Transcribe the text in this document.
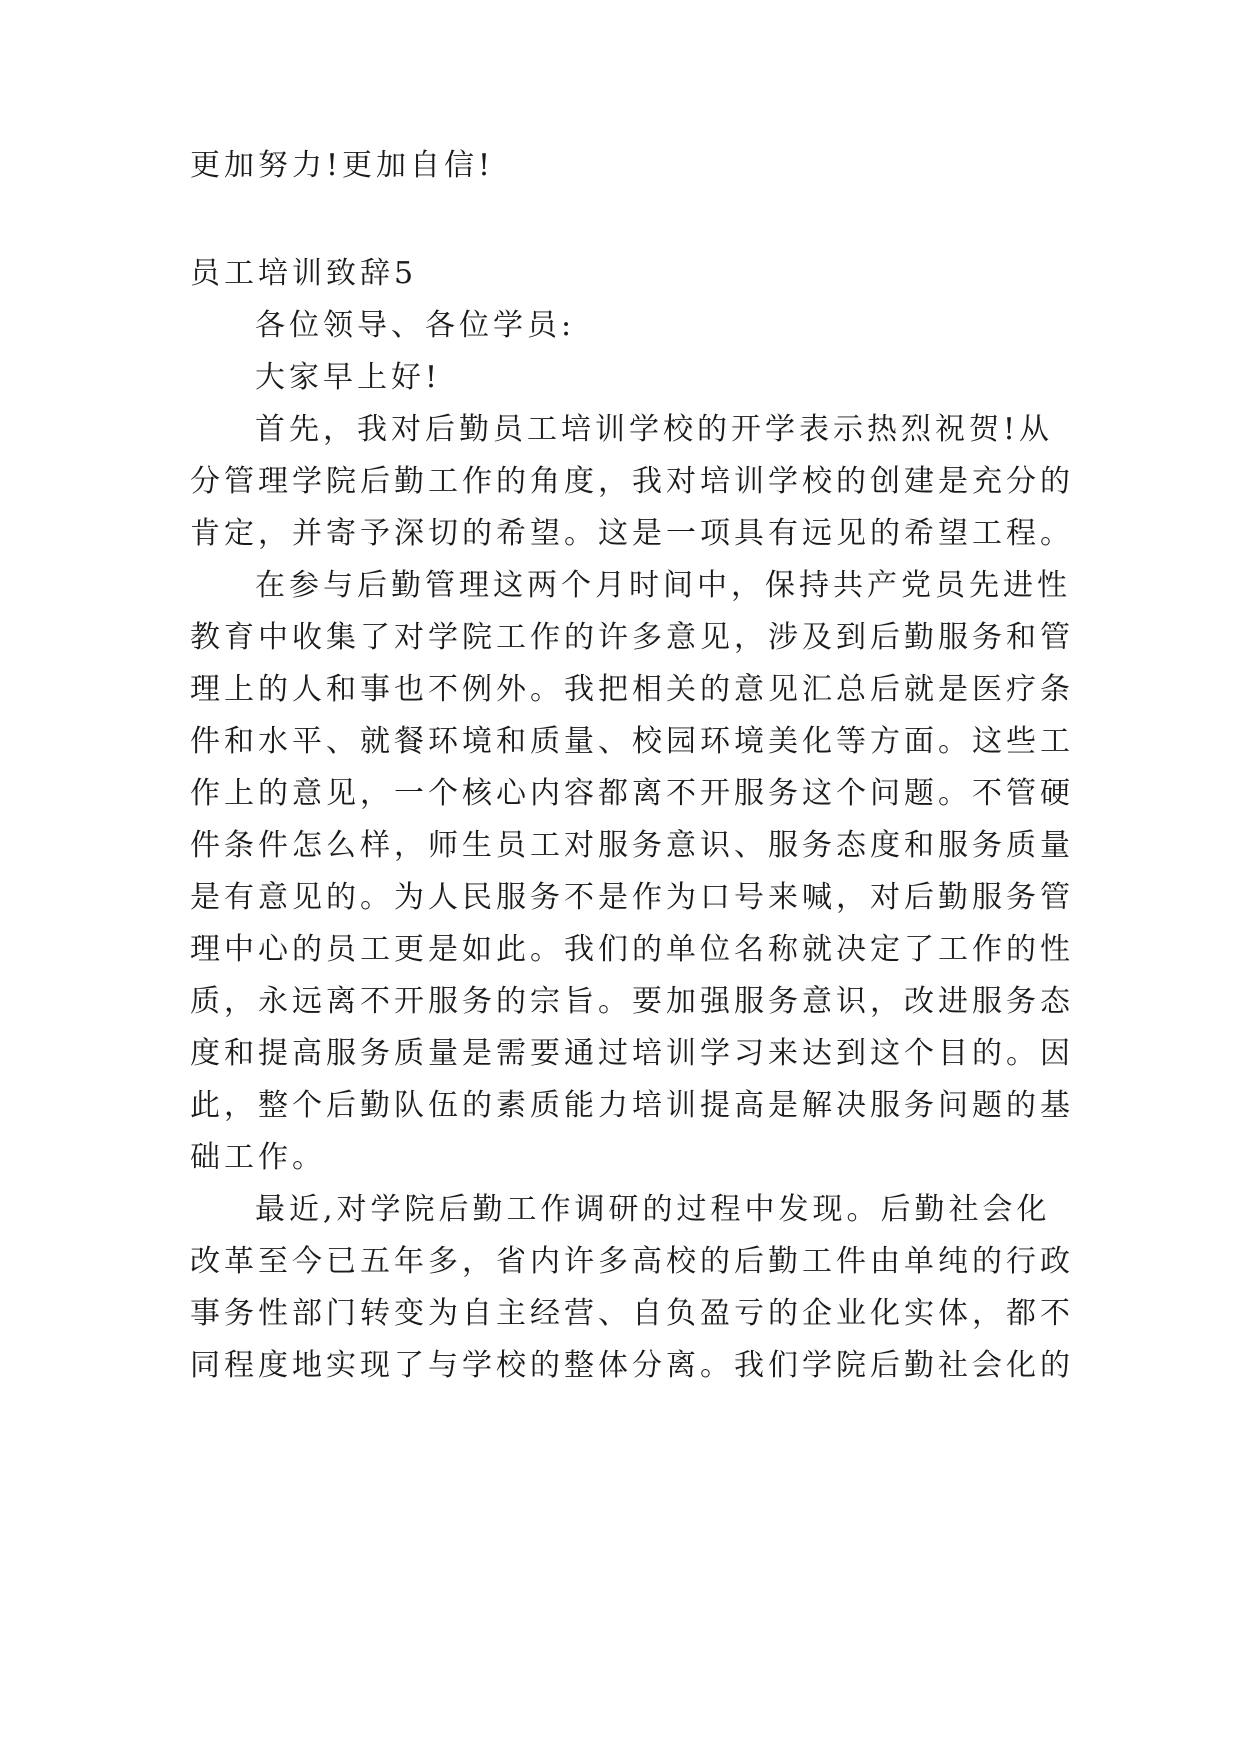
更加努力!更加自信!

员工培训致辞5

各位领导、各位学员:

大家早上好!

首先，我对后勤员工培训学校的开学表示热烈祝贺!从

分管理学院后勤工作的角度，我对培训学校的创建是充分的

肯定，并寄予深切的希望。这是一项具有远见的希望工程。

在参与后勤管理这两个月时间中，保持共产党员先进性

教育中收集了对学院工作的许多意见，涉及到后勤服务和管

理上的人和事也不例外。我把相关的意见汇总后就是医疗条

件和水平、就餐环境和质量、校园环境美化等方面。这些工

作上的意见，一个核心内容都离不开服务这个问题。不管硬

件条件怎么样，师生员工对服务意识、服务态度和服务质量

是有意见的。为人民服务不是作为口号来喊，对后勤服务管

理中心的员工更是如此。我们的单位名称就决定了工作的性

质，永远离不开服务的宗旨。要加强服务意识，改进服务态

度和提高服务质量是需要通过培训学习来达到这个目的。因

此，整个后勤队伍的素质能力培训提高是解决服务问题的基

础工作。

最近,对学院后勤工作调研的过程中发现。后勤社会化

改革至今已五年多，省内许多高校的后勤工件由单纯的行政

事务性部门转变为自主经营、自负盈亏的企业化实体，都不

同程度地实现了与学校的整体分离。我们学院后勤社会化的
